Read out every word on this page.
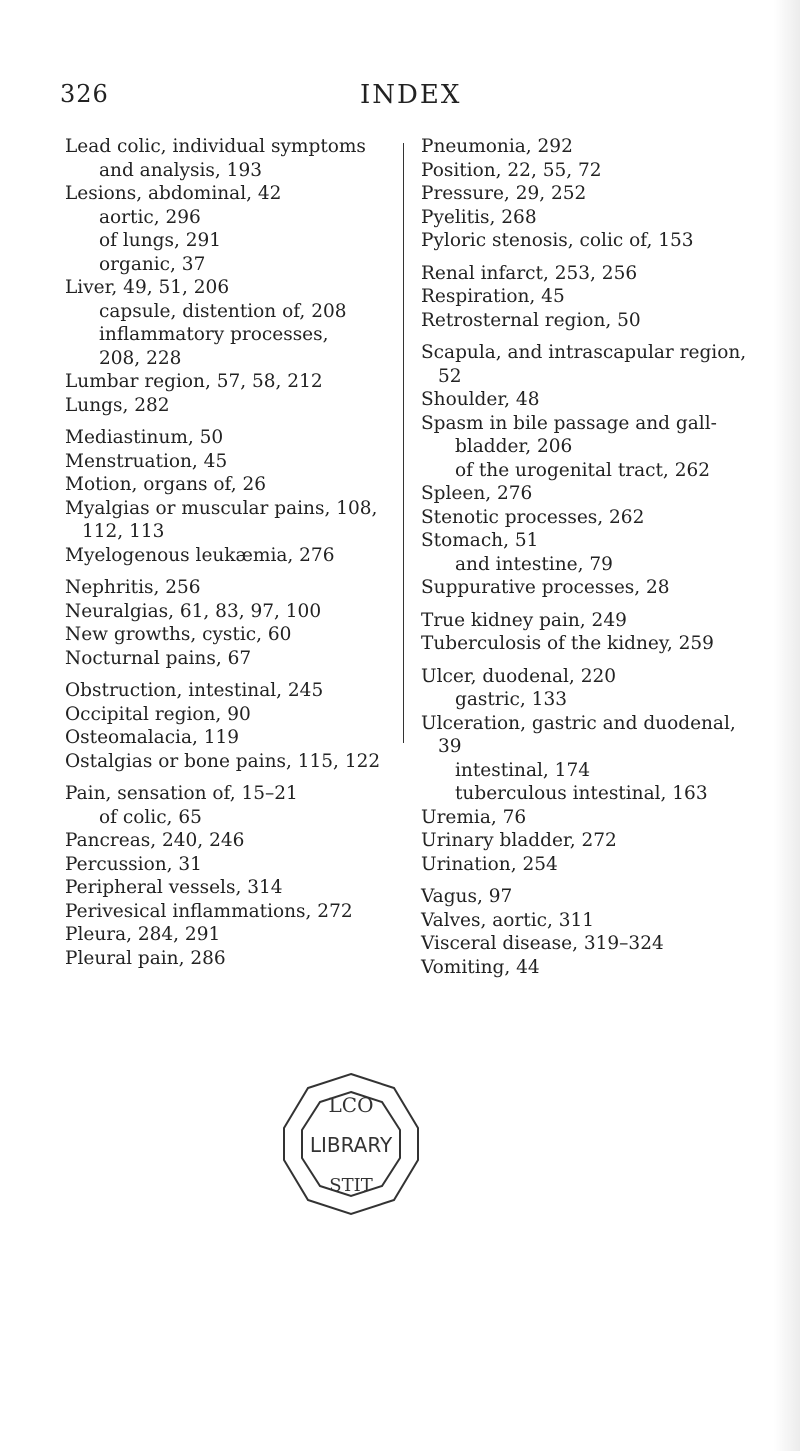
326	INDEX

Lead colic, individual symptoms

and analysis, 193

Lesions, abdominal, 42

aortic, 296

of lungs, 291

organic, 37

Liver, 49, 51, 206

capsule, distention of, 208

inflammatory processes,

208, 228

Lumbar region, 57, 58, 212

Lungs, 282

Mediastinum, 50

Menstruation, 45

Motion, organs of, 26

Myalgias or muscular pains, 108,

112, 113

Myelogenous leukæmia, 276

Nephritis, 256

Neuralgias, 61, 83, 97, 100

New growths, cystic, 60

Nocturnal pains, 67

Obstruction, intestinal, 245

Occipital region, 90

Osteomalacia, 119

Ostalgias or bone pains, 115, 122

Pain, sensation of, 15–21

of colic, 65

Pancreas, 240, 246

Percussion, 31

Peripheral vessels, 314

Perivesical inflammations, 272

Pleura, 284, 291

Pleural pain, 286

Pneumonia, 292

Position, 22, 55, 72

Pressure, 29, 252

Pyelitis, 268

Pyloric stenosis, colic of, 153

Renal infarct, 253, 256

Respiration, 45

Retrosternal region, 50

Scapula, and intrascapular region,

52

Shoulder, 48

Spasm in bile passage and gall-

bladder, 206

of the urogenital tract, 262

Spleen, 276

Stenotic processes, 262

Stomach, 51

and intestine, 79

Suppurative processes, 28

True kidney pain, 249

Tuberculosis of the kidney, 259

Ulcer, duodenal, 220

gastric, 133

Ulceration, gastric and duodenal,

39

intestinal, 174

tuberculous intestinal, 163

Uremia, 76

Urinary bladder, 272

Urination, 254

Vagus, 97

Valves, aortic, 311

Visceral disease, 319–324

Vomiting, 44

LCO
LIBRARY
STIT
